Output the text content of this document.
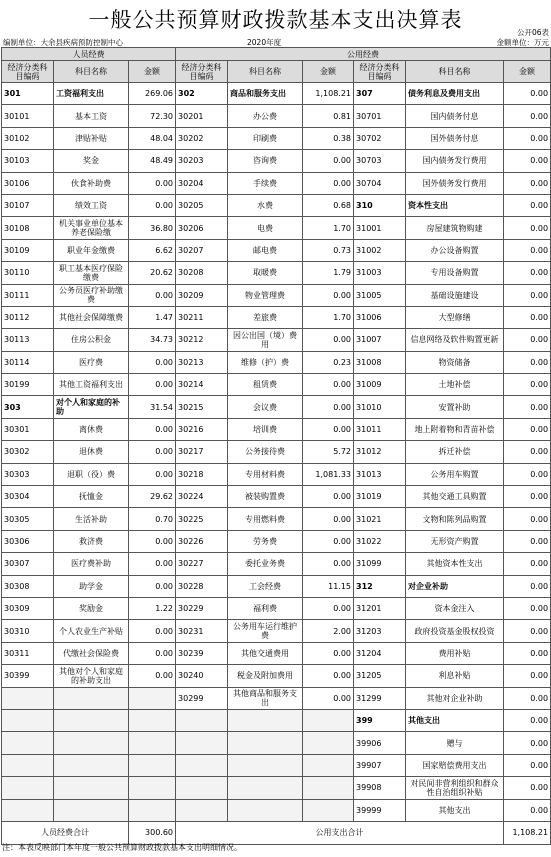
一般公共预算财政拨款基本支出决算表
公开06表
编制单位：大余县疾病预防控制中心	2020年度	金额单位：万元
人员经费			公用经费					
经济分类科目编码	科目名称	金额	经济分类科目编码	科目名称	金额	经济分类科目编码	科目名称	金额
301	工资福利支出	269.06	302	商品和服务支出	1,108.21	307	债务利息及费用支出	0.00
30101	基本工资	72.30	30201	办公费	0.81	30701	国内债务付息	0.00
30102	津贴补贴	48.04	30202	印刷费	0.38	30702	国外债务付息	0.00
30103	奖金	48.49	30203	咨询费	0.00	30703	国内债务发行费用	0.00
30106	伙食补助费	0.00	30204	手续费	0.00	30704	国外债务发行费用	0.00
30107	绩效工资	0.00	30205	水费	0.68	310	资本性支出	0.00
30108	机关事业单位基本养老保险缴	36.80	30206	电费	1.70	31001	房屋建筑物购建	0.00
30109	职业年金缴费	6.62	30207	邮电费	0.73	31002	办公设备购置	0.00
30110	职工基本医疗保险缴费	20.62	30208	取暖费	1.79	31003	专用设备购置	0.00
30111	公务员医疗补助缴费	0.00	30209	物业管理费	0.00	31005	基础设施建设	0.00
30112	其他社会保障缴费	1.47	30211	差旅费	1.70	31006	大型修缮	0.00
30113	住房公积金	34.73	30212	因公出国（境）费用	0.00	31007	信息网络及软件购置更新	0.00
30114	医疗费	0.00	30213	维修（护）费	0.23	31008	物资储备	0.00
30199	其他工资福利支出	0.00	30214	租赁费	0.00	31009	土地补偿	0.00
303	对个人和家庭的补助	31.54	30215	会议费	0.00	31010	安置补助	0.00
30301	离休费	0.00	30216	培训费	0.00	31011	地上附着物和青苗补偿	0.00
30302	退休费	0.00	30217	公务接待费	5.72	31012	拆迁补偿	0.00
30303	退职（役）费	0.00	30218	专用材料费	1,081.33	31013	公务用车购置	0.00
30304	抚恤金	29.62	30224	被装购置费	0.00	31019	其他交通工具购置	0.00
30305	生活补助	0.70	30225	专用燃料费	0.00	31021	文物和陈列品购置	0.00
30306	救济费	0.00	30226	劳务费	0.00	31022	无形资产购置	0.00
30307	医疗费补助	0.00	30227	委托业务费	0.00	31099	其他资本性支出	0.00
30308	助学金	0.00	30228	工会经费	11.15	312	对企业补助	0.00
30309	奖励金	1.22	30229	福利费	0.00	31201	资本金注入	0.00
30310	个人农业生产补贴	0.00	30231	公务用车运行维护费	2.00	31203	政府投资基金股权投资	0.00
30311	代缴社会保险费	0.00	30239	其他交通费用	0.00	31204	费用补贴	0.00
30399	其他对个人和家庭的补助支出	0.00	30240	税金及附加费用	0.00	31205	利息补贴	0.00
			30299	其他商品和服务支出	0.00	31299	其他对企业补助	0.00
						399	其他支出	0.00
						39906	赠与	0.00
						39907	国家赔偿费用支出	0.00
						39908	对民间非营利组织和群众性自治组织补贴	0.00
						39999	其他支出	0.00
人员经费合计		300.60	公用支出合计					1,108.21
注：本表反映部门本年度一般公共预算财政拨款基本支出明细情况。
